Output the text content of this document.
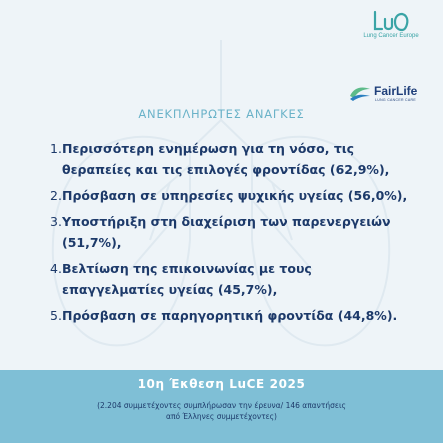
Lung Cancer Europe
FairLife
LUNG CANCER CARE
ΑΝΕΚΠΛΗΡΩΤΕΣ ΑΝΑΓΚΕΣ
1. Περισσότερη ενημέρωση για τη νόσο, τις
θεραπείες και τις επιλογές φροντίδας (62,9%),
2. Πρόσβαση σε υπηρεσίες ψυχικής υγείας (56,0%),
3. Υποστήριξη στη διαχείριση των παρενεργειών
(51,7%),
4. Βελτίωση της επικοινωνίας με τους
επαγγελματίες υγείας (45,7%),
5. Πρόσβαση σε παρηγορητική φροντίδα (44,8%).
10η Έκθεση LuCE 2025
(2.204 συμμετέχοντες συμπλήρωσαν την έρευνα/ 146 απαντήσεις από Έλληνες συμμετέχοντες)
